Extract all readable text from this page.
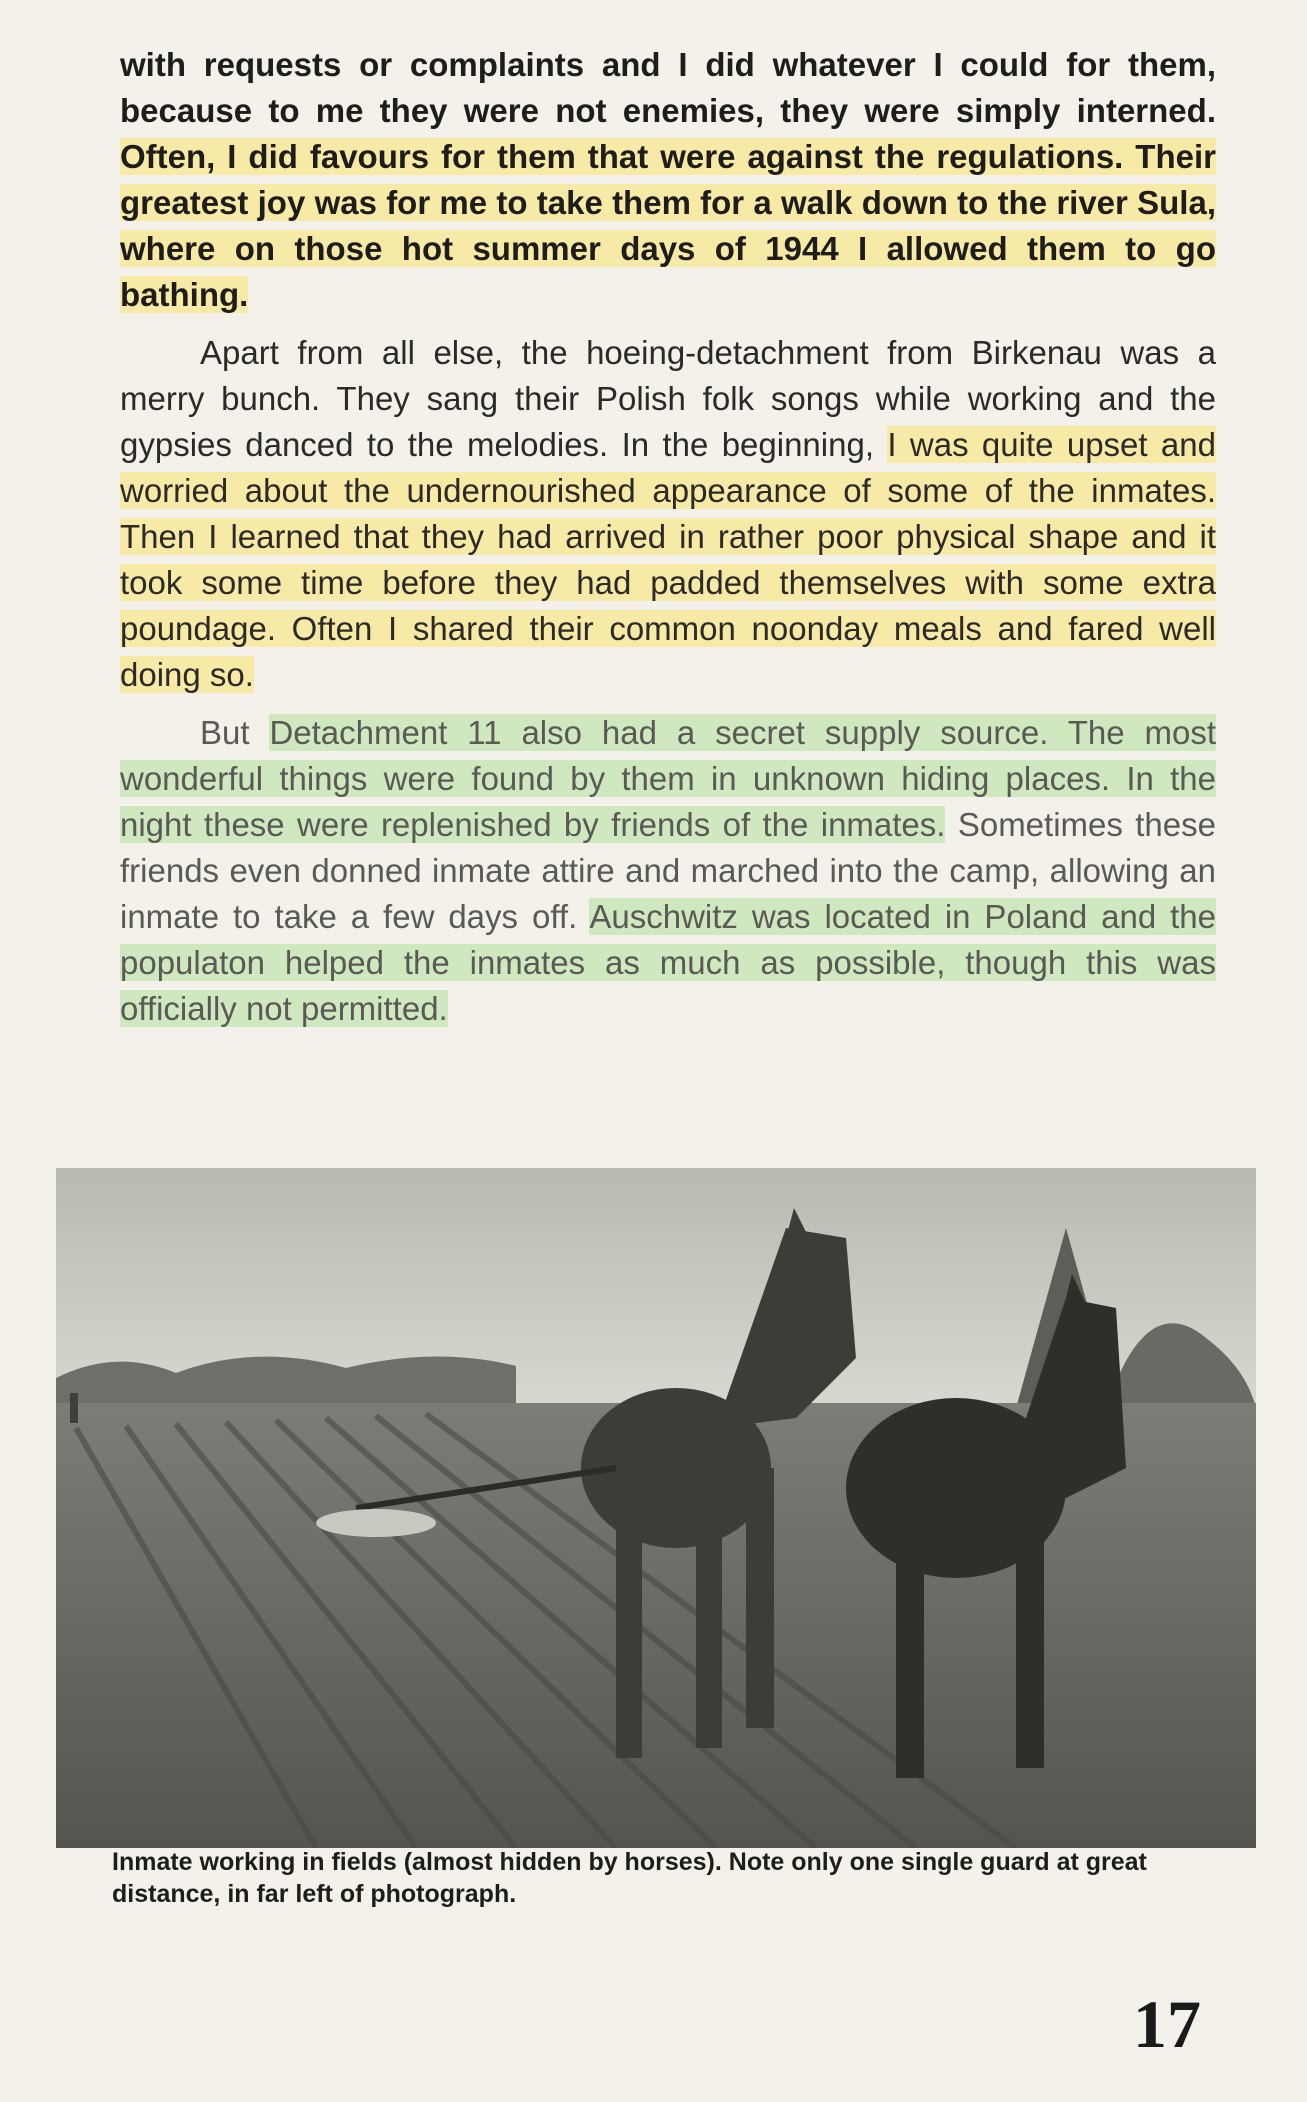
with requests or complaints and I did whatever I could for them, because to me they were not enemies, they were simply interned. Often, I did favours for them that were against the regulations. Their greatest joy was for me to take them for a walk down to the river Sula, where on those hot summer days of 1944 I allowed them to go bathing.

Apart from all else, the hoeing-detachment from Birkenau was a merry bunch. They sang their Polish folk songs while working and the gypsies danced to the melodies. In the beginning, I was quite upset and worried about the undernourished appearance of some of the inmates. Then I learned that they had arrived in rather poor physical shape and it took some time before they had padded themselves with some extra poundage. Often I shared their common noonday meals and fared well doing so.

But Detachment 11 also had a secret supply source. The most wonderful things were found by them in unknown hiding places. In the night these were replenished by friends of the inmates. Sometimes these friends even donned inmate attire and marched into the camp, allowing an inmate to take a few days off. Auschwitz was located in Poland and the populaton helped the inmates as much as possible, though this was officially not permitted.

Inmate working in fields (almost hidden by horses). Note only one single guard at great distance, in far left of photograph.
17
